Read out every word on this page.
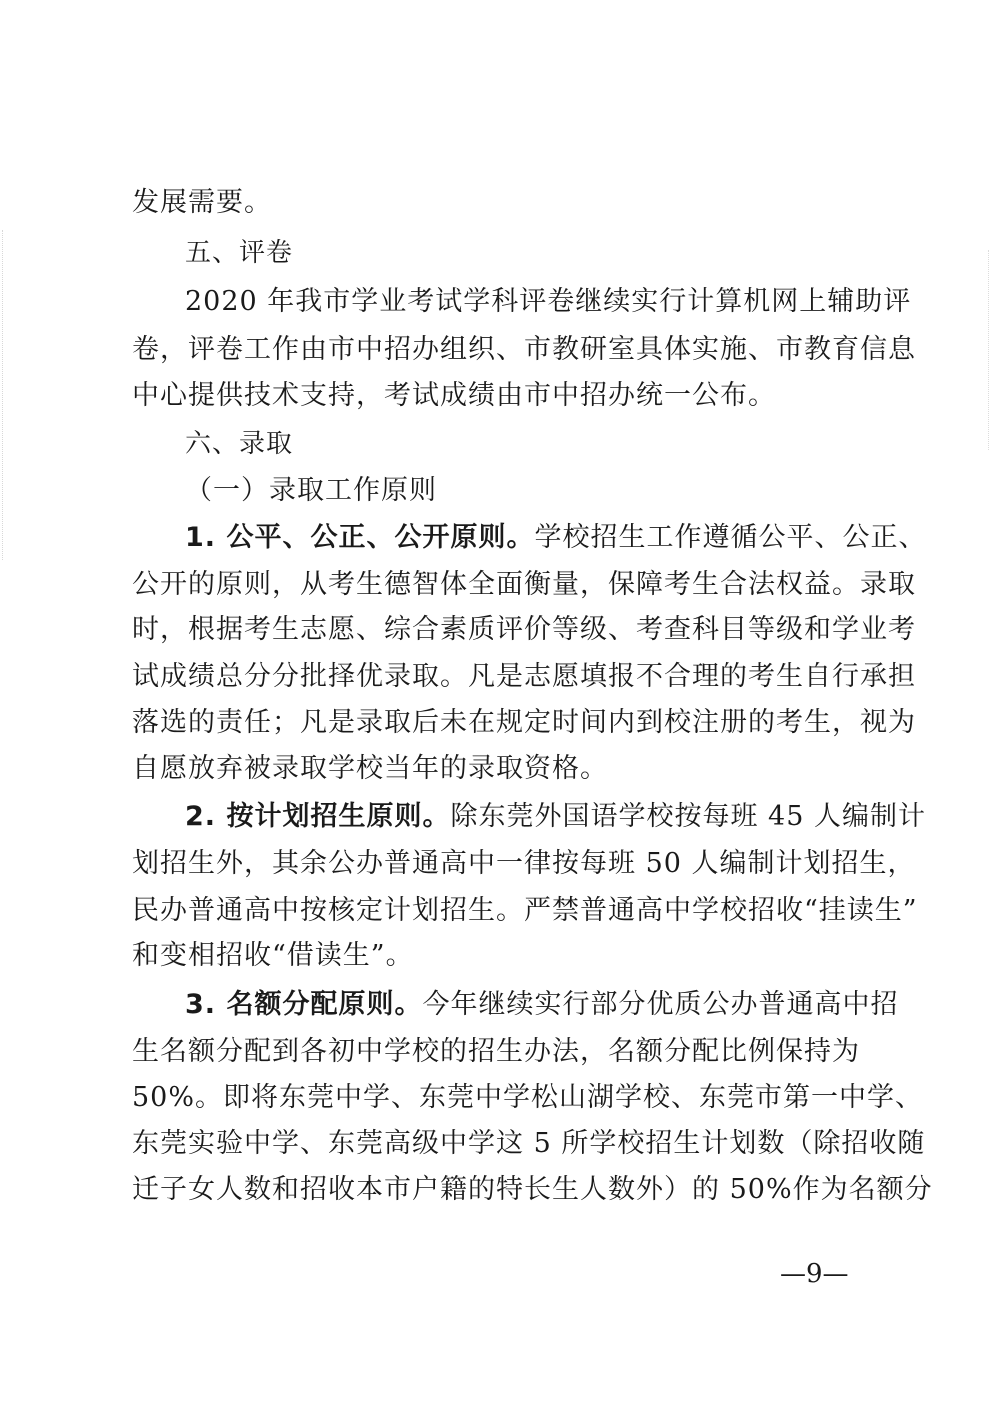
发展需要。
五、评卷
2020 年我市学业考试学科评卷继续实行计算机网上辅助评
卷，评卷工作由市中招办组织、市教研室具体实施、市教育信息
中心提供技术支持，考试成绩由市中招办统一公布。
六、录取
（一）录取工作原则
1. 公平、公正、公开原则。学校招生工作遵循公平、公正、
公开的原则，从考生德智体全面衡量，保障考生合法权益。录取
时，根据考生志愿、综合素质评价等级、考查科目等级和学业考
试成绩总分分批择优录取。凡是志愿填报不合理的考生自行承担
落选的责任；凡是录取后未在规定时间内到校注册的考生，视为
自愿放弃被录取学校当年的录取资格。
2. 按计划招生原则。除东莞外国语学校按每班 45 人编制计
划招生外，其余公办普通高中一律按每班 50 人编制计划招生，
民办普通高中按核定计划招生。严禁普通高中学校招收“挂读生”
和变相招收“借读生”。
3. 名额分配原则。今年继续实行部分优质公办普通高中招
生名额分配到各初中学校的招生办法，名额分配比例保持为
50%。即将东莞中学、东莞中学松山湖学校、东莞市第一中学、
东莞实验中学、东莞高级中学这 5 所学校招生计划数（除招收随
迁子女人数和招收本市户籍的特长生人数外）的 50%作为名额分
—9—
